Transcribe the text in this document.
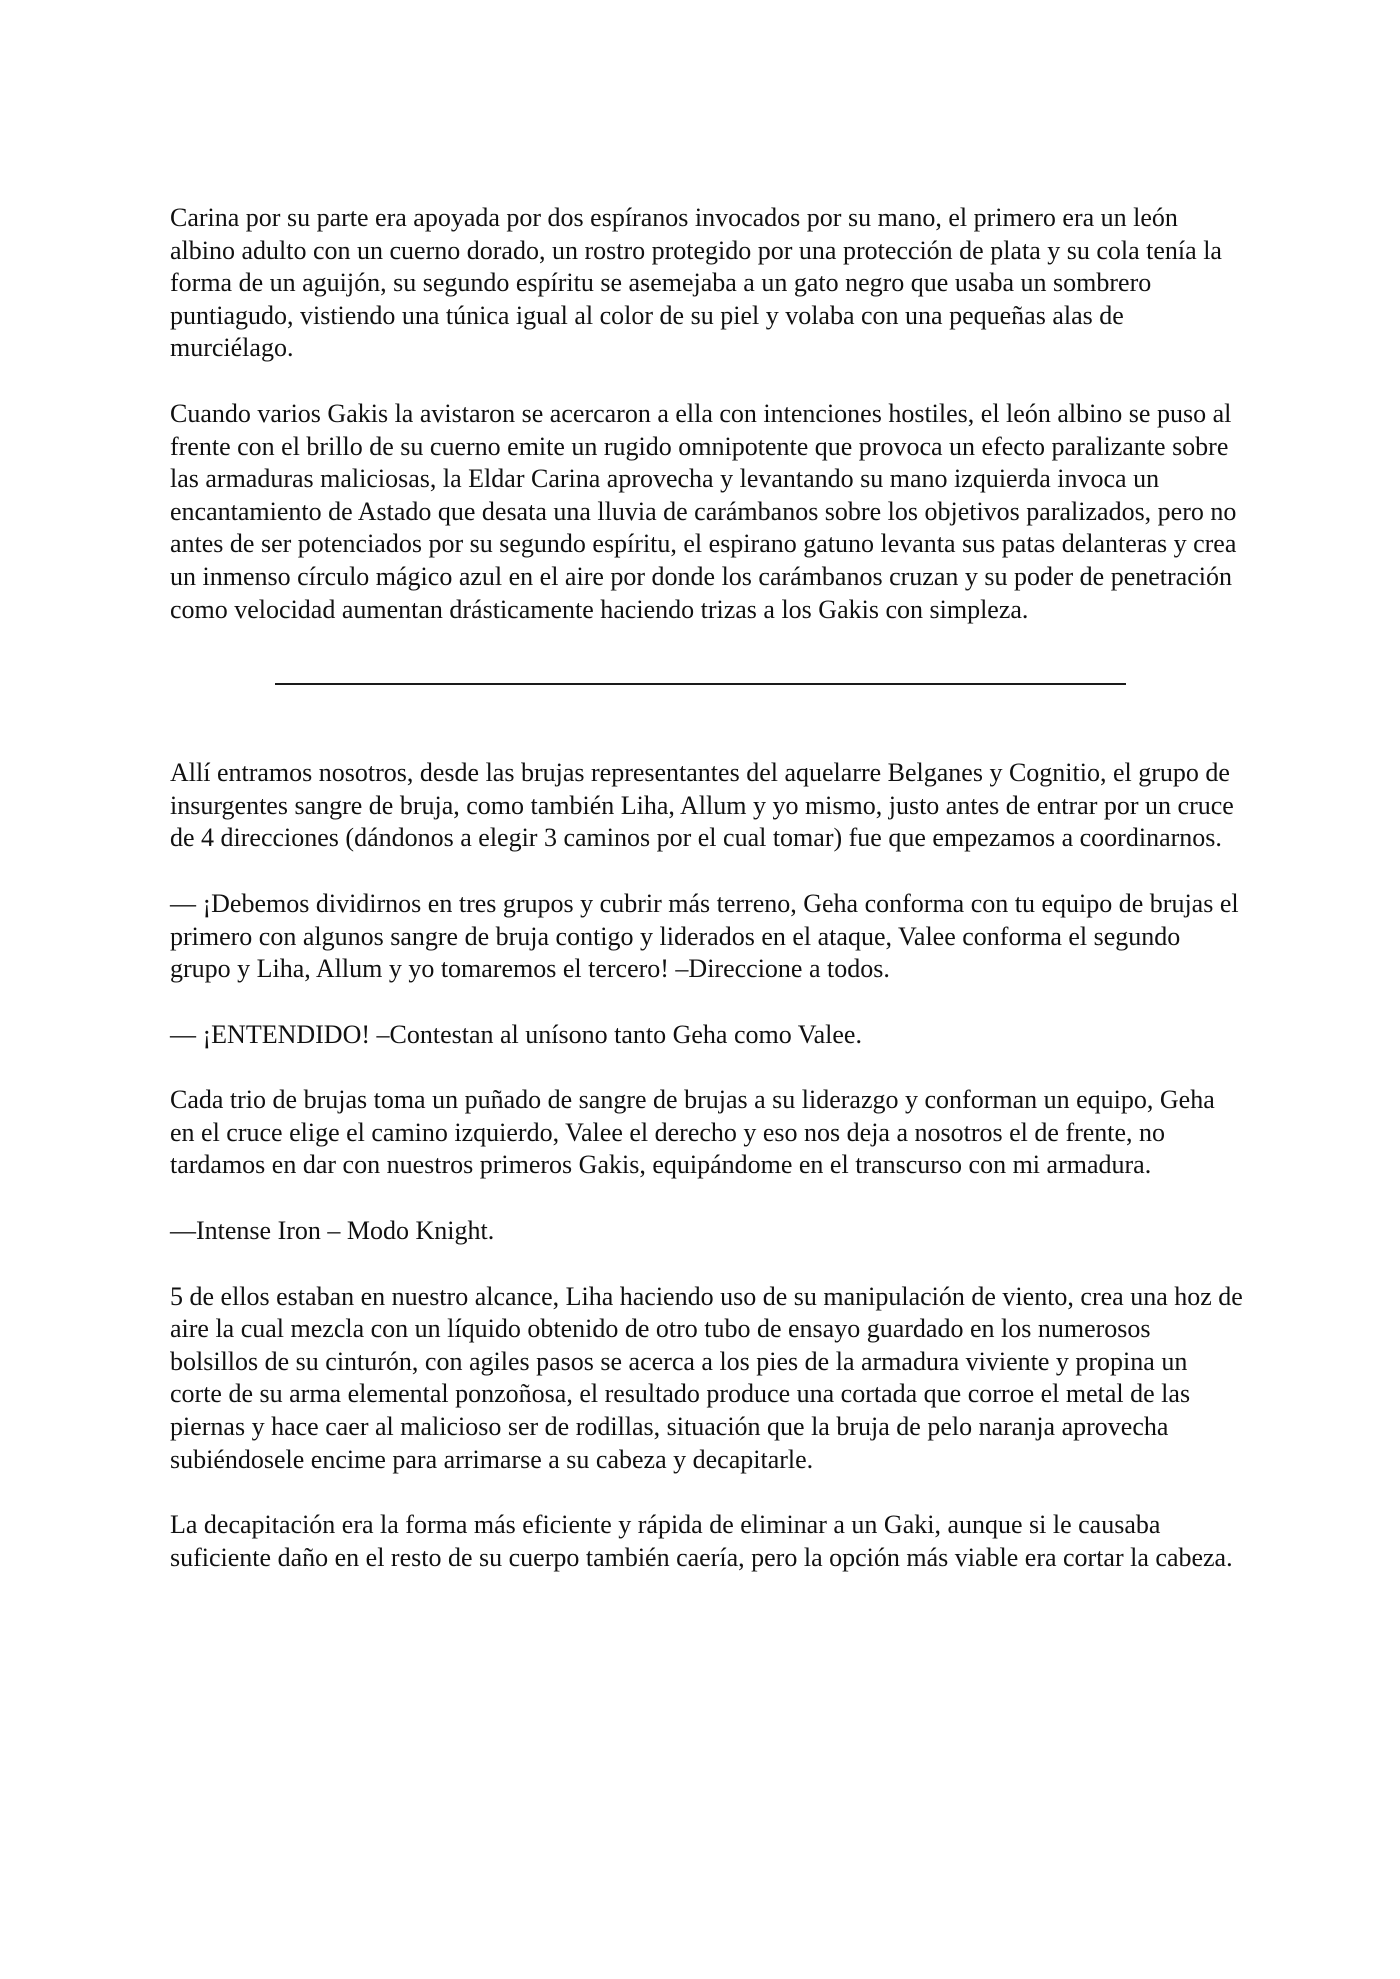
Carina por su parte era apoyada por dos espíranos invocados por su mano, el primero era un león albino adulto con un cuerno dorado, un rostro protegido por una protección de plata y su cola tenía la forma de un aguijón, su segundo espíritu se asemejaba a un gato negro que usaba un sombrero puntiagudo, vistiendo una túnica igual al color de su piel y volaba con una pequeñas alas de murciélago.

Cuando varios Gakis la avistaron se acercaron a ella con intenciones hostiles, el león albino se puso al frente con el brillo de su cuerno emite un rugido omnipotente que provoca un efecto paralizante sobre las armaduras maliciosas, la Eldar Carina aprovecha y levantando su mano izquierda invoca un encantamiento de Astado que desata una lluvia de carámbanos sobre los objetivos paralizados, pero no antes de ser potenciados por su segundo espíritu, el espirano gatuno levanta sus patas delanteras y crea un inmenso círculo mágico azul en el aire por donde los carámbanos cruzan y su poder de penetración como velocidad aumentan drásticamente haciendo trizas a los Gakis con simpleza.

Allí entramos nosotros, desde las brujas representantes del aquelarre Belganes y Cognitio, el grupo de insurgentes sangre de bruja, como también Liha, Allum y yo mismo, justo antes de entrar por un cruce de 4 direcciones (dándonos a elegir 3 caminos por el cual tomar) fue que empezamos a coordinarnos.

— ¡Debemos dividirnos en tres grupos y cubrir más terreno, Geha conforma con tu equipo de brujas el primero con algunos sangre de bruja contigo y liderados en el ataque, Valee conforma el segundo grupo y Liha, Allum y yo tomaremos el tercero! –Direccione a todos.

— ¡ENTENDIDO! –Contestan al unísono tanto Geha como Valee.

Cada trio de brujas toma un puñado de sangre de brujas a su liderazgo y conforman un equipo, Geha en el cruce elige el camino izquierdo, Valee el derecho y eso nos deja a nosotros el de frente, no tardamos en dar con nuestros primeros Gakis, equipándome en el transcurso con mi armadura.

—Intense Iron – Modo Knight.

5 de ellos estaban en nuestro alcance, Liha haciendo uso de su manipulación de viento, crea una hoz de aire la cual mezcla con un líquido obtenido de otro tubo de ensayo guardado en los numerosos bolsillos de su cinturón, con agiles pasos se acerca a los pies de la armadura viviente y propina un corte de su arma elemental ponzoñosa, el resultado produce una cortada que corroe el metal de las piernas y hace caer al malicioso ser de rodillas, situación que la bruja de pelo naranja aprovecha subiéndosele encime para arrimarse a su cabeza y decapitarle.

La decapitación era la forma más eficiente y rápida de eliminar a un Gaki, aunque si le causaba suficiente daño en el resto de su cuerpo también caería, pero la opción más viable era cortar la cabeza.
